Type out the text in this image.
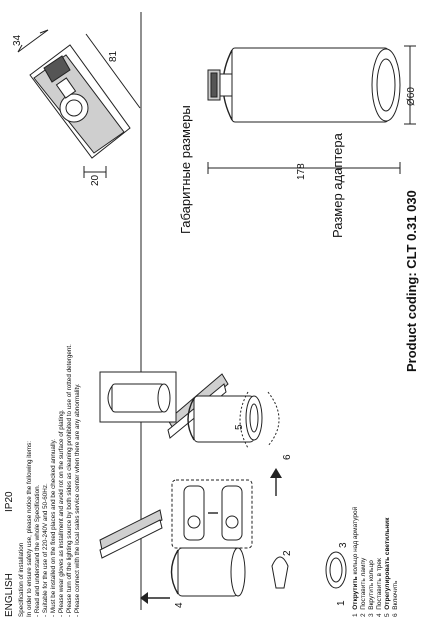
Размер адаптера
Габаритные размеры
Product coding: CLT 0.31 030
34
81
20
178
Ø60
ENGLISH
IP20
Specification of installation In order to ensure safety use, please notice the following items: - Read and understand the whole Specification. - Suitable for the use of 220-240V and 50-60Hz. - Must be installed on the fixed places and be checked annually. - Please wear gloves as installment and avoid rot on the surface of plating. - Please turn off the lighting source by both sides as cleaning prohibited to use of rotted detergent. - Please connect with the local sales service center when there are any abnormality.	4
2
3
1
5
6
1  Открутить кольцо над арматурой
2  Поставить лампу
3  Вкрутить кольцо
4  Поставить в трек
5  Отрегулировать светильник
6  Включить
